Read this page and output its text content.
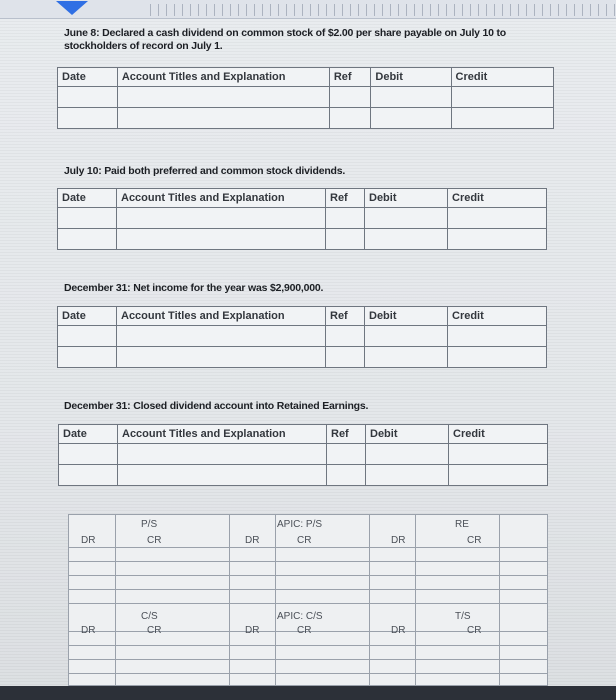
June 8: Declared a cash dividend on common stock of $2.00 per share payable on July 10 to stockholders of record on July 1.
Date	Account Titles and Explanation	Ref	Debit	Credit

July 10: Paid both preferred and common stock dividends.
Date	Account Titles and Explanation	Ref	Debit	Credit

December 31: Net income for the year was $2,900,000.
Date	Account Titles and Explanation	Ref	Debit	Credit

December 31: Closed dividend account into Retained Earnings.
Date	Account Titles and Explanation	Ref	Debit	Credit

P/S
DR	CR
APIC: P/S
DR	CR
RE
DR	CR
C/S
DR	CR
APIC: C/S
DR	CR
T/S
DR	CR
